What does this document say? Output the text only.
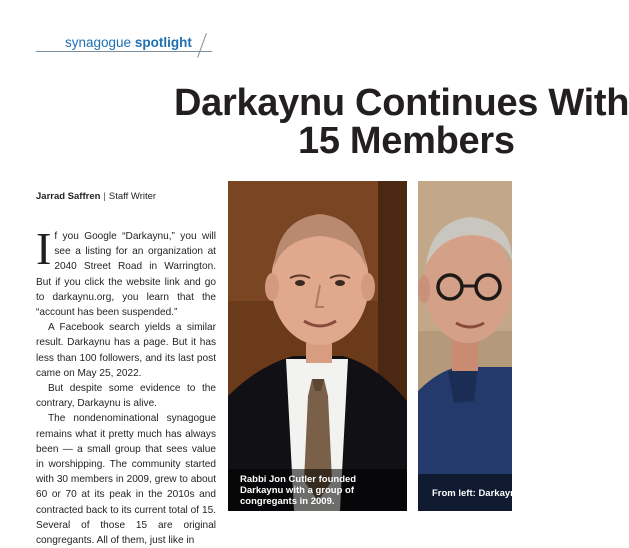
synagogue spotlight
Darkaynu Continues With
15 Members
Jarrad Saffren | Staff Writer

If you Google “Darkaynu,” you will see a listing for an organization at 2040 Street Road in Warrington. But if you click the website link and go to darkaynu.org, you learn that the “account has been suspended.”

A Facebook search yields a similar result. Darkaynu has a page. But it has less than 100 followers, and its last post came on May 25, 2022.

But despite some evidence to the contrary, Darkaynu is alive.

The nondenominational synagogue remains what it pretty much has always been — a small group that sees value in worshipping. The community started with 30 members in 2009, grew to about 60 or 70 at its peak in the 2010s and contracted back to its current total of 15. Several of those 15 are original congregants. All of them, just like in

Rabbi Jon Cutler founded Darkaynu with a group of congregants in 2009.
From left: Darkaynu
